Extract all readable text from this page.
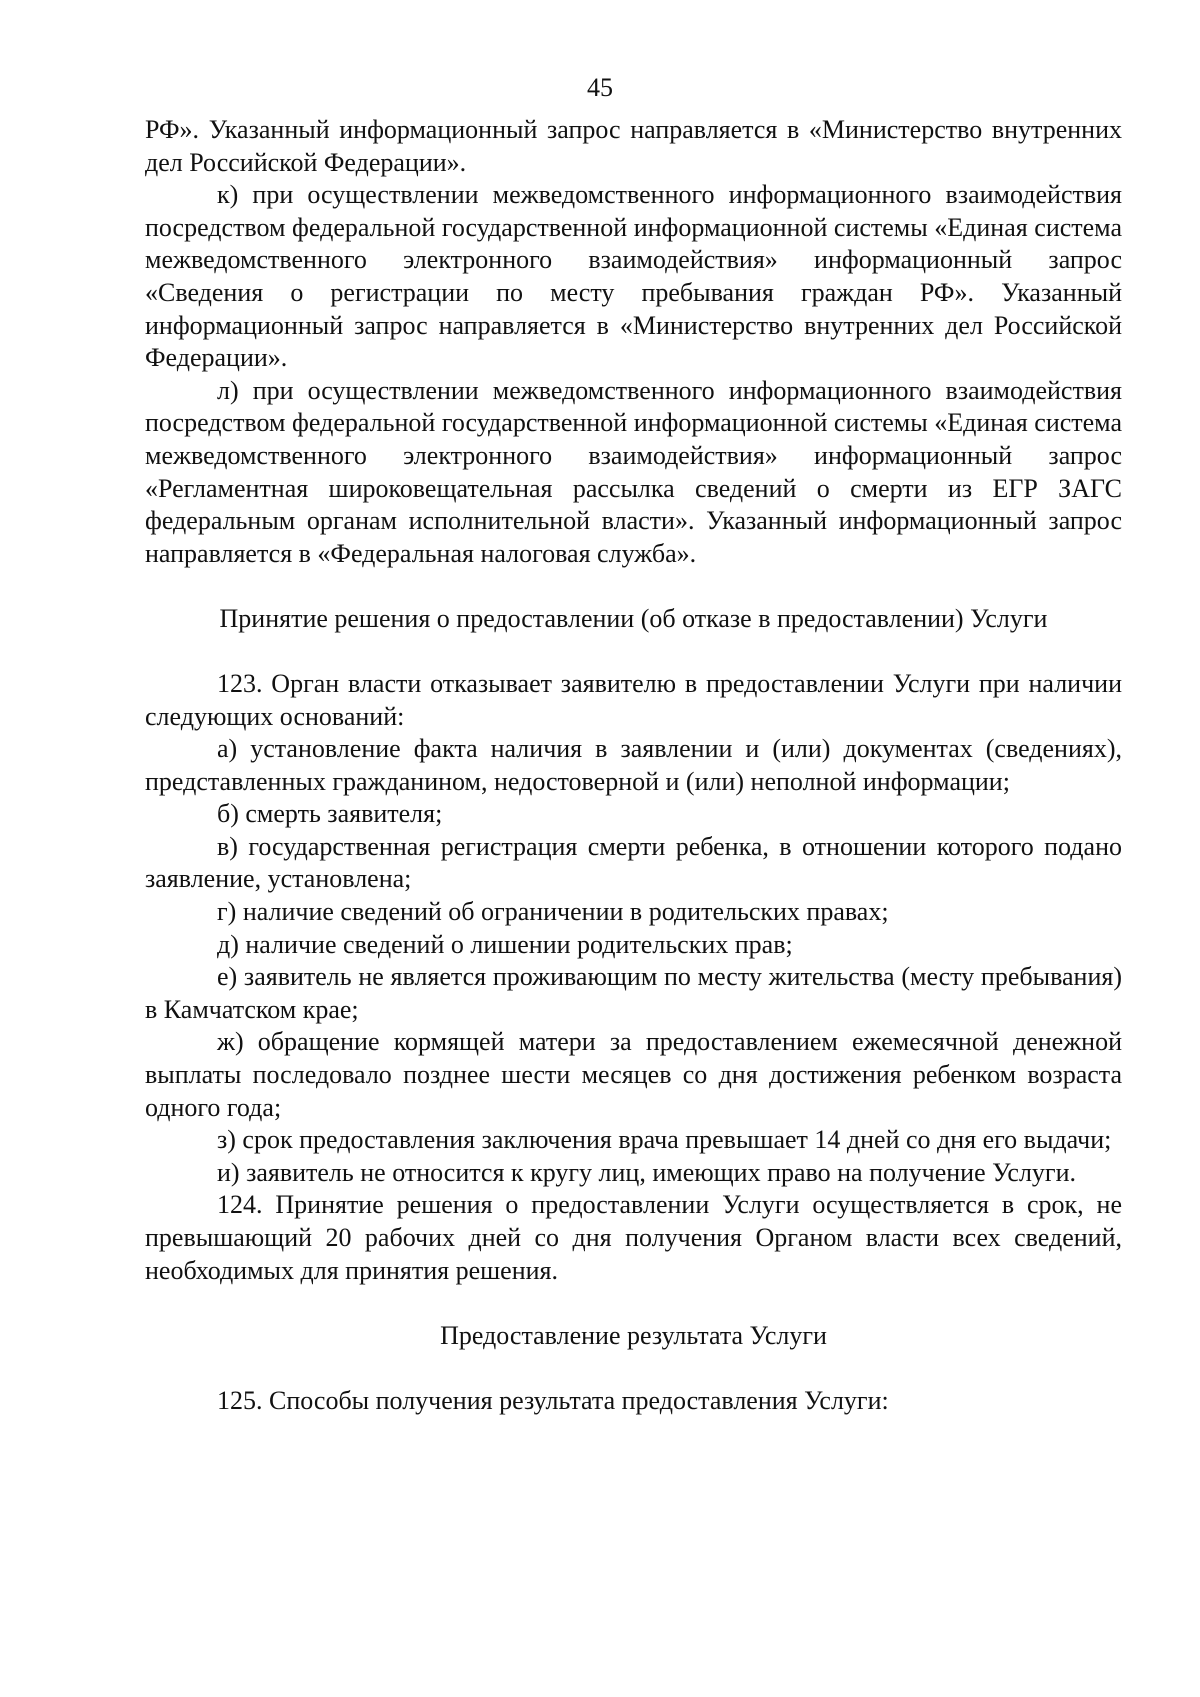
45

РФ». Указанный информационный запрос направляется в «Министерство внутренних дел Российской Федерации».

к) при осуществлении межведомственного информационного взаимодействия посредством федеральной государственной информационной системы «Единая система межведомственного электронного взаимодействия» информационный запрос «Сведения о регистрации по месту пребывания граждан РФ». Указанный информационный запрос направляется в «Министерство внутренних дел Российской Федерации».

л) при осуществлении межведомственного информационного взаимодействия посредством федеральной государственной информационной системы «Единая система межведомственного электронного взаимодействия» информационный запрос «Регламентная широковещательная рассылка сведений о смерти из ЕГР ЗАГС федеральным органам исполнительной власти». Указанный информационный запрос направляется в «Федеральная налоговая служба».

Принятие решения о предоставлении (об отказе в предоставлении) Услуги

123. Орган власти отказывает заявителю в предоставлении Услуги при наличии следующих оснований:

а) установление факта наличия в заявлении и (или) документах (сведениях), представленных гражданином, недостоверной и (или) неполной информации;

б) смерть заявителя;

в) государственная регистрация смерти ребенка, в отношении которого подано заявление, установлена;

г) наличие сведений об ограничении в родительских правах;

д) наличие сведений о лишении родительских прав;

е) заявитель не является проживающим по месту жительства (месту пребывания) в Камчатском крае;

ж) обращение кормящей матери за предоставлением ежемесячной денежной выплаты последовало позднее шести месяцев со дня достижения ребенком возраста одного года;

з) срок предоставления заключения врача превышает 14 дней со дня его выдачи;

и) заявитель не относится к кругу лиц, имеющих право на получение Услуги.

124. Принятие решения о предоставлении Услуги осуществляется в срок, не превышающий 20 рабочих дней со дня получения Органом власти всех сведений, необходимых для принятия решения.

Предоставление результата Услуги

125. Способы получения результата предоставления Услуги:
